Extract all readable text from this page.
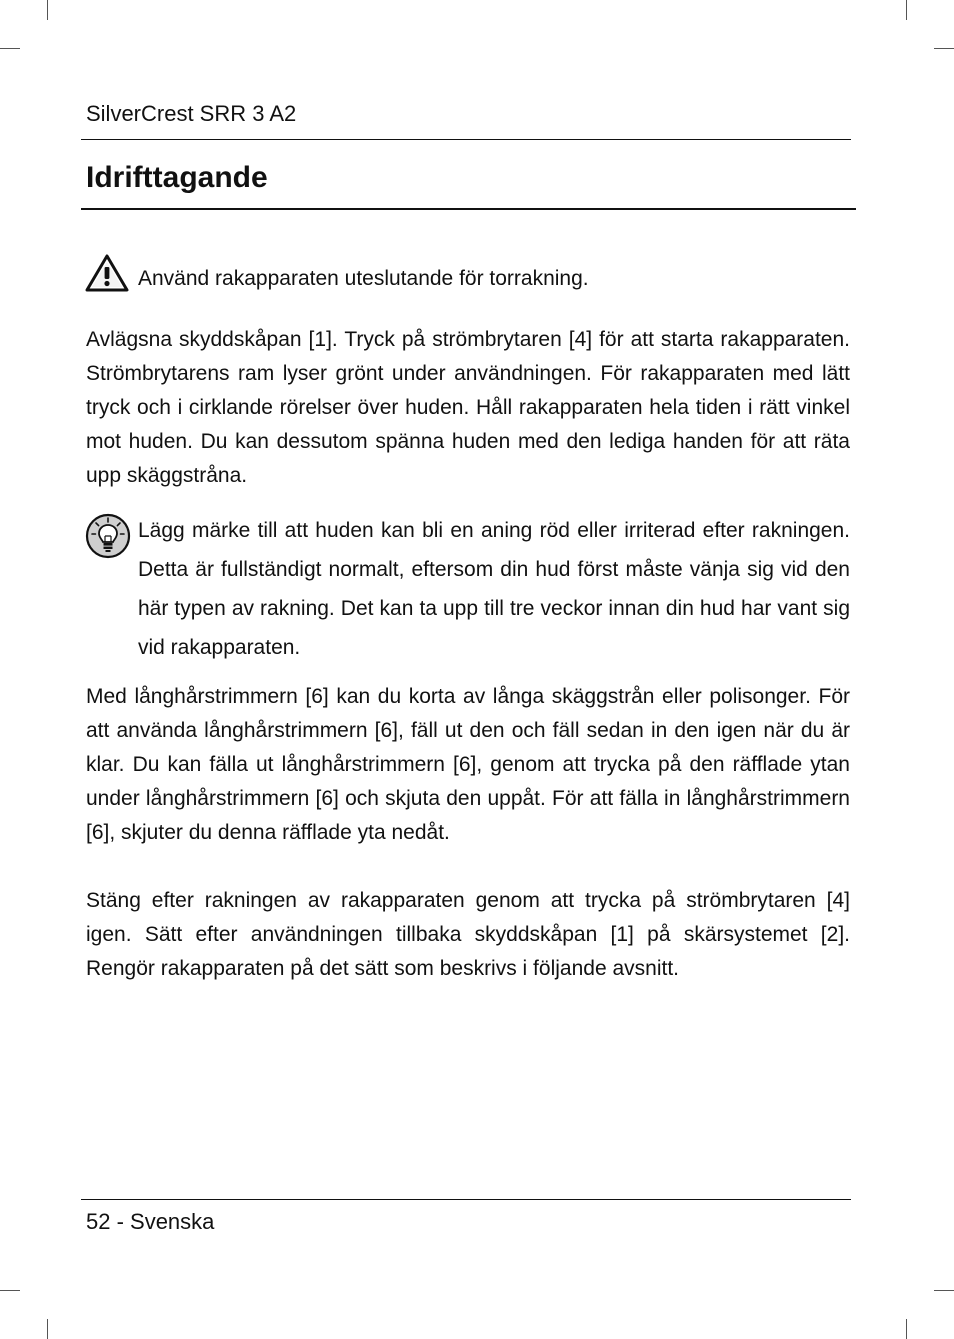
SilverCrest SRR 3 A2
Idrifttagande
Använd rakapparaten uteslutande för torrakning.

Avlägsna skyddskåpan [1]. Tryck på strömbrytaren [4] för att starta rakapparaten. Strömbrytarens ram lyser grönt under användningen. För rakapparaten med lätt tryck och i cirklande rörelser över huden. Håll rakapparaten hela tiden i rätt vinkel mot huden. Du kan dessutom spänna huden med den lediga handen för att räta upp skäggstråna.

Lägg märke till att huden kan bli en aning röd eller irriterad efter rakningen. Detta är fullständigt normalt, eftersom din hud först måste vänja sig vid den här typen av rakning. Det kan ta upp till tre veckor innan din hud har vant sig vid rakapparaten.

Med långhårstrimmern [6] kan du korta av långa skäggstrån eller polisonger. För att använda långhårstrimmern [6], fäll ut den och fäll sedan in den igen när du är klar. Du kan fälla ut långhårstrimmern [6], genom att trycka på den räfflade ytan under långhårstrimmern [6] och skjuta den uppåt. För att fälla in långhårstrimmern [6], skjuter du denna räfflade yta nedåt.

Stäng efter rakningen av rakapparaten genom att trycka på strömbrytaren [4] igen. Sätt efter användningen tillbaka skyddskåpan [1] på skärsystemet [2]. Rengör rakapparaten på det sätt som beskrivs i följande avsnitt.

52 - Svenska
